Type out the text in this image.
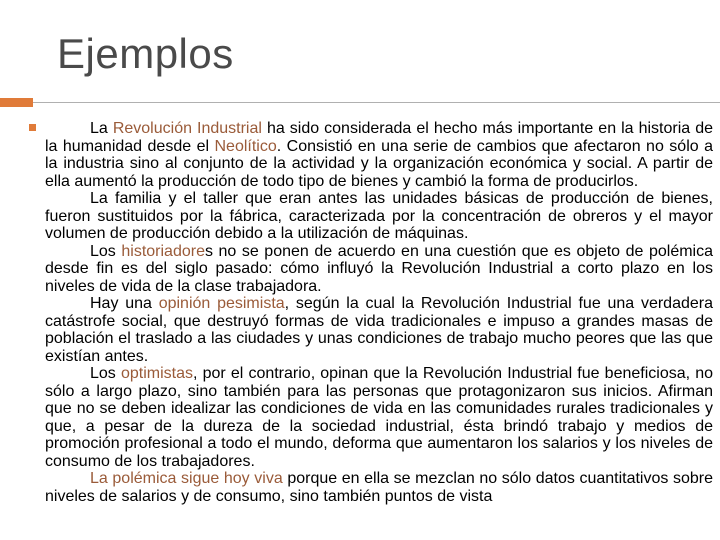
Ejemplos

La Revolución Industrial ha sido considerada el hecho más importante en la historia de la humanidad desde el Neolítico. Consistió en una serie de cambios que afectaron no sólo a la industria sino al conjunto de la actividad y la organización económica y social. A partir de ella aumentó la producción de todo tipo de bienes y cambió la forma de producirlos.

La familia y el taller que eran antes las unidades básicas de producción de bienes, fueron sustituidos por la fábrica, caracterizada por la concentración de obreros y el mayor volumen de producción debido a la utilización de máquinas.

Los historiadores no se ponen de acuerdo en una cuestión que es objeto de polémica desde fin es del siglo pasado: cómo influyó la Revolución Industrial a corto plazo en los niveles de vida de la clase trabajadora.

Hay una opinión pesimista, según la cual la Revolución Industrial fue una verdadera catástrofe social, que destruyó formas de vida tradicionales e impuso a grandes masas de población el traslado a las ciudades y unas condiciones de trabajo mucho peores que las que existían antes.

Los optimistas, por el contrario, opinan que la Revolución Industrial fue beneficiosa, no sólo a largo plazo, sino también para las personas que protagonizaron sus inicios. Afirman que no se deben idealizar las condiciones de vida en las comunidades rurales tradicionales y que, a pesar de la dureza de la sociedad industrial, ésta brindó trabajo y medios de promoción profesional a todo el mundo, deforma que aumentaron los salarios y los niveles de consumo de los trabajadores.

La polémica sigue hoy viva porque en ella se mezclan no sólo datos cuantitativos sobre niveles de salarios y de consumo, sino también puntos de vista
